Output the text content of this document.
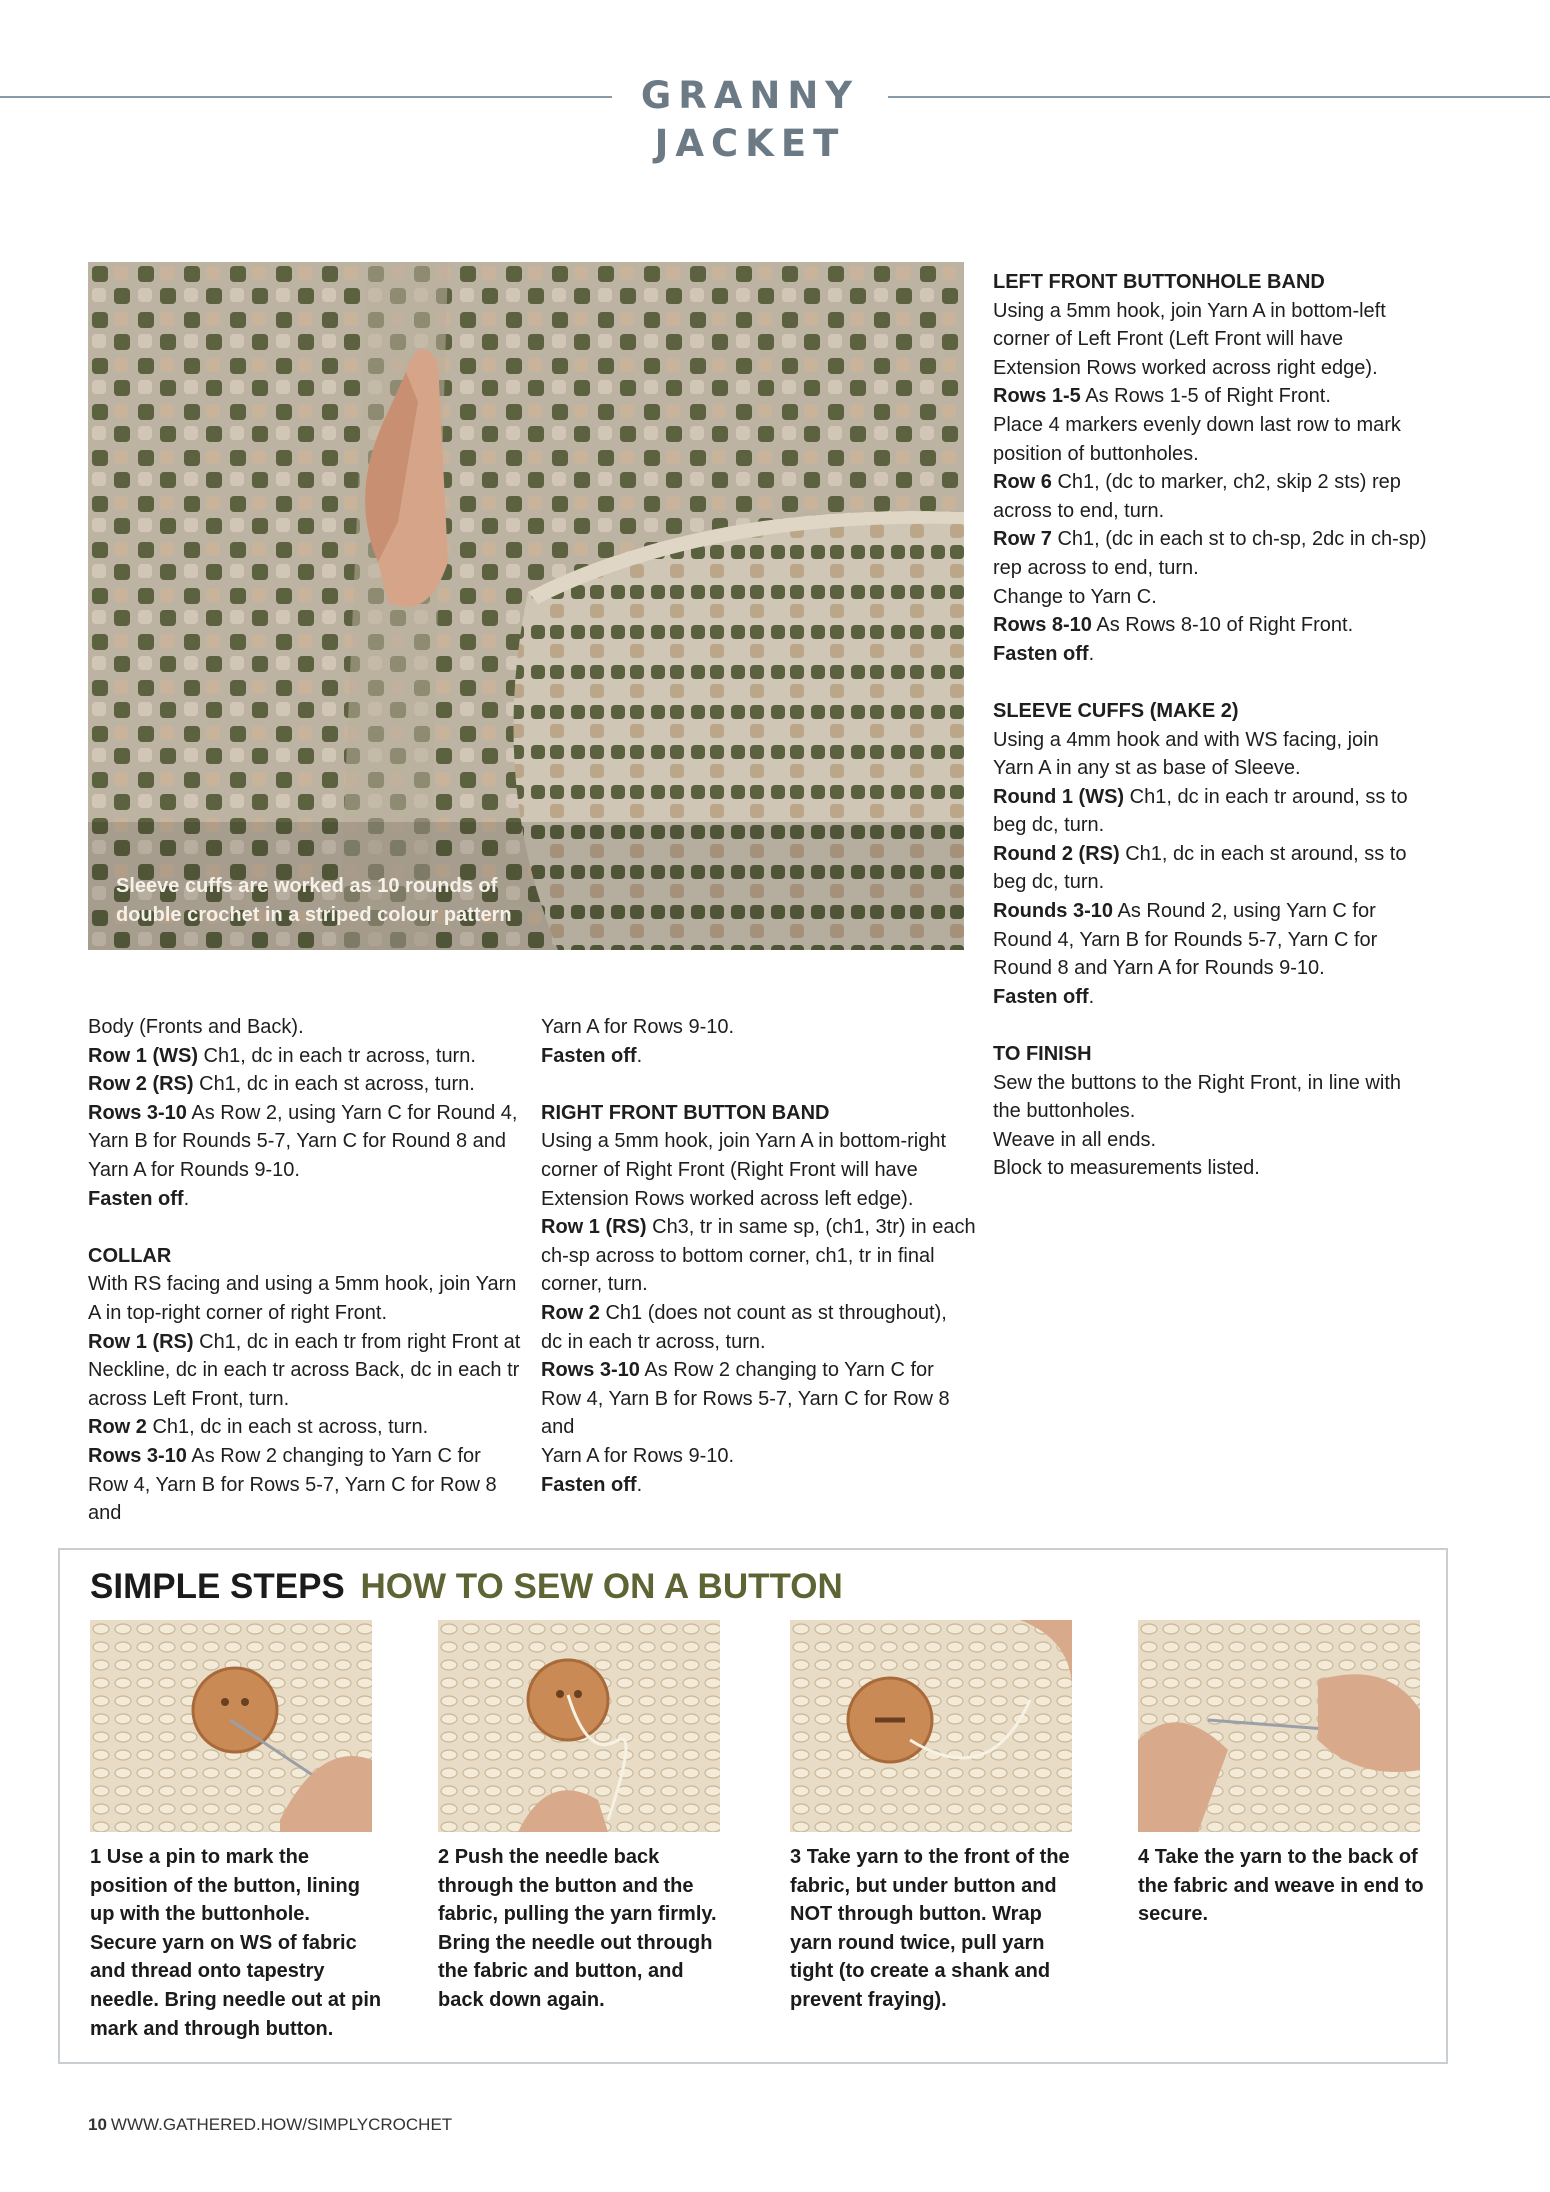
GRANNY JACKET
Sleeve cuffs are worked as 10 rounds of
double crochet in a striped colour pattern

Body (Fronts and Back).

Row 1 (WS) Ch1, dc in each tr across, turn.

Row 2 (RS) Ch1, dc in each st across, turn.

Rows 3-10 As Row 2, using Yarn C for Round 4,

Yarn B for Rounds 5-7, Yarn C for Round 8 and

Yarn A for Rounds 9-10.

Fasten off.

COLLAR

With RS facing and using a 5mm hook, join Yarn

A in top-right corner of right Front.

Row 1 (RS) Ch1, dc in each tr from right Front at

Neckline, dc in each tr across Back, dc in each tr

across Left Front, turn.

Row 2 Ch1, dc in each st across, turn.

Rows 3-10 As Row 2 changing to Yarn C for

Row 4, Yarn B for Rows 5-7, Yarn C for Row 8 and

Yarn A for Rows 9-10.

Fasten off.

RIGHT FRONT BUTTON BAND

Using a 5mm hook, join Yarn A in bottom-right

corner of Right Front (Right Front will have

Extension Rows worked across left edge).

Row 1 (RS) Ch3, tr in same sp, (ch1, 3tr) in each

ch-sp across to bottom corner, ch1, tr in final

corner, turn.

Row 2 Ch1 (does not count as st throughout),

dc in each tr across, turn.

Rows 3-10 As Row 2 changing to Yarn C for

Row 4, Yarn B for Rows 5-7, Yarn C for Row 8 and

Yarn A for Rows 9-10.

Fasten off.

LEFT FRONT BUTTONHOLE BAND

Using a 5mm hook, join Yarn A in bottom-left

corner of Left Front (Left Front will have

Extension Rows worked across right edge).

Rows 1-5 As Rows 1-5 of Right Front.

Place 4 markers evenly down last row to mark

position of buttonholes.

Row 6 Ch1, (dc to marker, ch2, skip 2 sts) rep

across to end, turn.

Row 7 Ch1, (dc in each st to ch-sp, 2dc in ch-sp)

rep across to end, turn.

Change to Yarn C.

Rows 8-10 As Rows 8-10 of Right Front.

Fasten off.

SLEEVE CUFFS (MAKE 2)

Using a 4mm hook and with WS facing, join

Yarn A in any st as base of Sleeve.

Round 1 (WS) Ch1, dc in each tr around, ss to

beg dc, turn.

Round 2 (RS) Ch1, dc in each st around, ss to

beg dc, turn.

Rounds 3-10 As Round 2, using Yarn C for

Round 4, Yarn B for Rounds 5-7, Yarn C for

Round 8 and Yarn A for Rounds 9-10.

Fasten off.

TO FINISH

Sew the buttons to the Right Front, in line with

the buttonholes.

Weave in all ends.

Block to measurements listed.

SIMPLE STEPS HOW TO SEW ON A BUTTON
1 Use a pin to mark the
position of the button, lining
up with the buttonhole.
Secure yarn on WS of fabric
and thread onto tapestry
needle. Bring needle out at pin
mark and through button.
2 Push the needle back
through the button and the
fabric, pulling the yarn firmly.
Bring the needle out through
the fabric and button, and
back down again.
3 Take yarn to the front of the
fabric, but under button and
NOT through button. Wrap
yarn round twice, pull yarn
tight (to create a shank and
prevent fraying).
4 Take the yarn to the back of
the fabric and weave in end to
secure.
10 WWW.GATHERED.HOW/SIMPLYCROCHET
